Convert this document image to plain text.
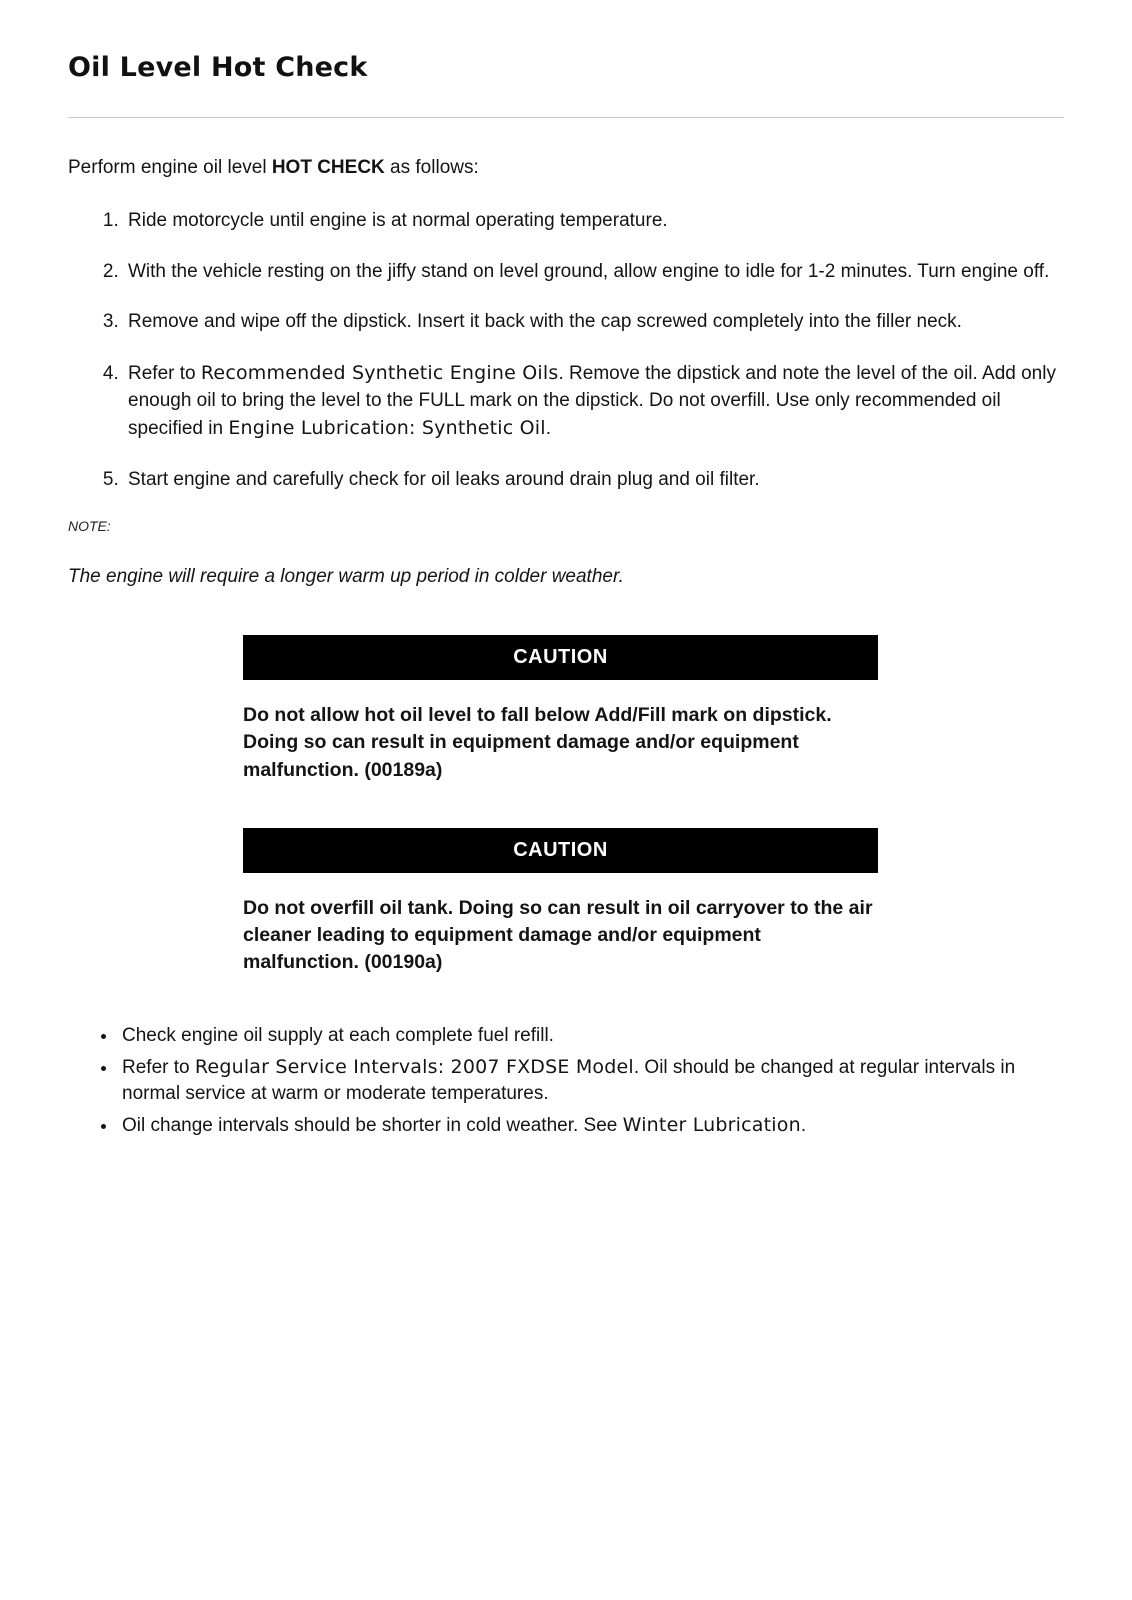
Oil Level Hot Check

Perform engine oil level HOT CHECK as follows:

1. Ride motorcycle until engine is at normal operating temperature.
2. With the vehicle resting on the jiffy stand on level ground, allow engine to idle for 1-2 minutes. Turn engine off.
3. Remove and wipe off the dipstick. Insert it back with the cap screwed completely into the filler neck.
4. Refer to Recommended Synthetic Engine Oils. Remove the dipstick and note the level of the oil. Add only enough oil to bring the level to the FULL mark on the dipstick. Do not overfill. Use only recommended oil specified in Engine Lubrication: Synthetic Oil.
5. Start engine and carefully check for oil leaks around drain plug and oil filter.

NOTE:

The engine will require a longer warm up period in colder weather.

CAUTION

Do not allow hot oil level to fall below Add/Fill mark on dipstick. Doing so can result in equipment damage and/or equipment malfunction. (00189a)

CAUTION

Do not overfill oil tank. Doing so can result in oil carryover to the air cleaner leading to equipment damage and/or equipment malfunction. (00190a)

• Check engine oil supply at each complete fuel refill.
• Refer to Regular Service Intervals: 2007 FXDSE Model. Oil should be changed at regular intervals in normal service at warm or moderate temperatures.
• Oil change intervals should be shorter in cold weather. See Winter Lubrication.
